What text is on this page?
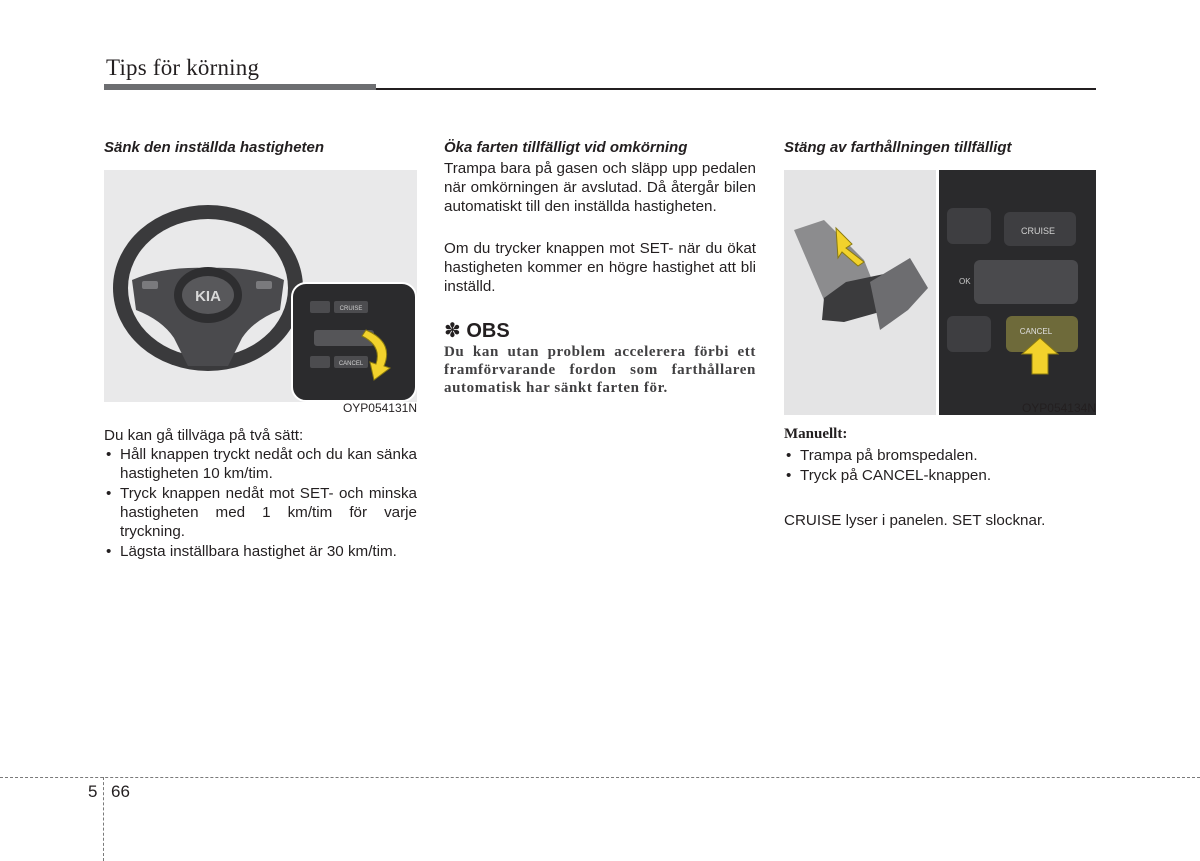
Tips för körning
Sänk den inställda hastigheten
KIA
CRUISE
CANCEL
OYP054131N
Du kan gå tillväga på två sätt:
• Håll knappen tryckt nedåt och du kan sänka hastigheten 10 km/tim.
• Tryck knappen nedåt mot SET- och minska hastigheten med 1 km/tim för varje tryckning.
• Lägsta inställbara hastighet är 30 km/tim.
Öka farten tillfälligt vid omkörning
Trampa bara på gasen och släpp upp pedalen när omkörningen är avslutad. Då återgår bilen automatiskt till den inställda hastigheten.
Om du trycker knappen mot SET- när du ökat hastigheten kommer en högre hastighet att bli inställd.
✽ OBS
Du kan utan problem accelerera förbi ett framförvarande fordon som farthållaren automatisk har sänkt farten för.
Stäng av farthållningen tillfälligt
CRUISE
OK
CANCEL
OYP054134N
Manuellt:
• Trampa på bromspedalen.
• Tryck på CANCEL-knappen.
CRUISE lyser i panelen. SET slocknar.
5 66
